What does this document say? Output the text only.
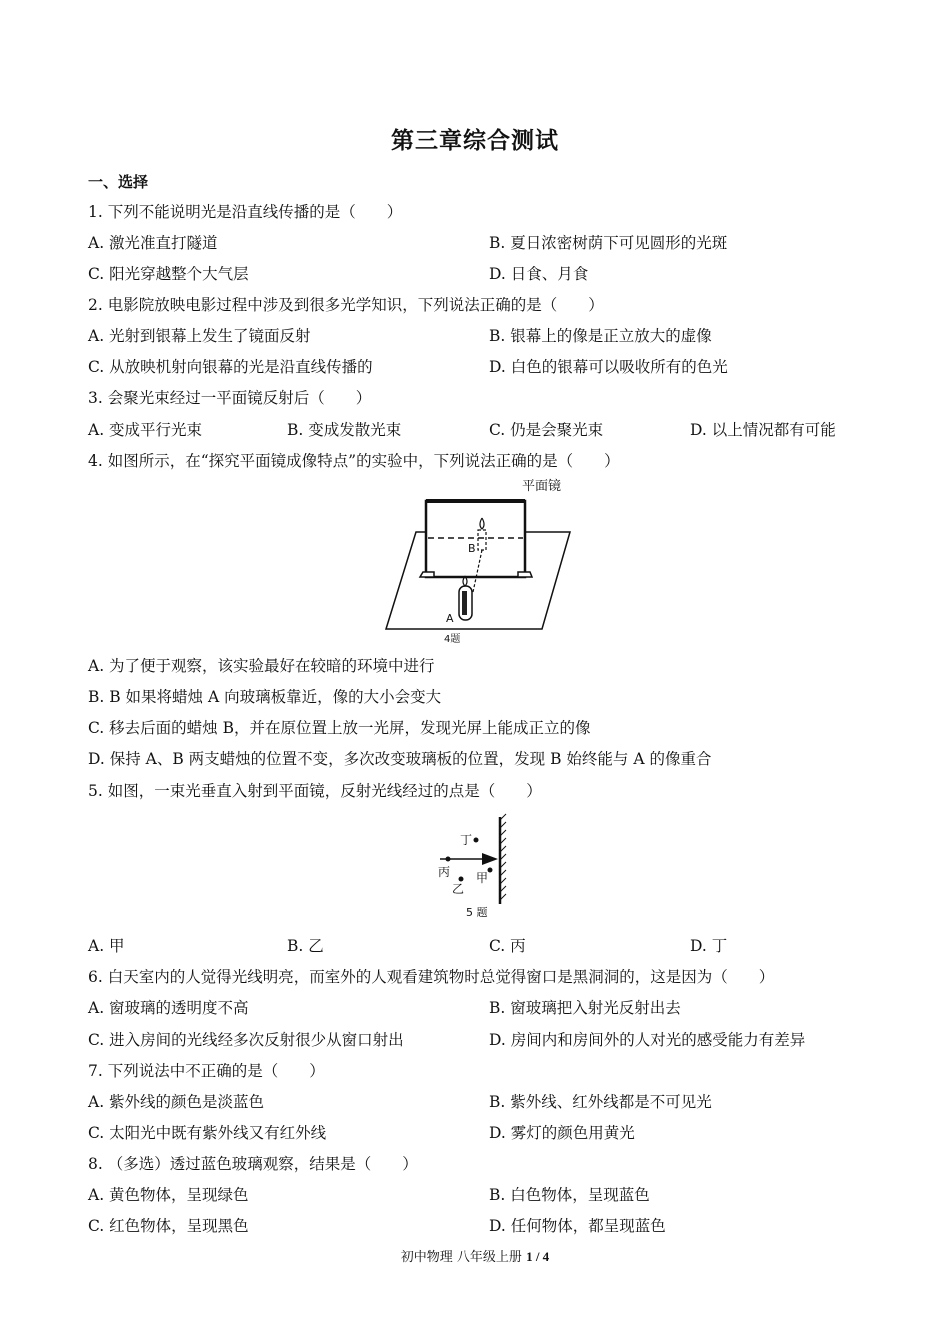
第三章综合测试
一、选择
1. 下列不能说明光是沿直线传播的是（　　）
A. 激光准直打隧道	B. 夏日浓密树荫下可见圆形的光斑
C. 阳光穿越整个大气层	D. 日食、月食
2. 电影院放映电影过程中涉及到很多光学知识，下列说法正确的是（　　）
A. 光射到银幕上发生了镜面反射	B. 银幕上的像是正立放大的虚像
C. 从放映机射向银幕的光是沿直线传播的	D. 白色的银幕可以吸收所有的色光
3. 会聚光束经过一平面镜反射后（　　）
A. 变成平行光束	B. 变成发散光束	C. 仍是会聚光束	D. 以上情况都有可能
4. 如图所示，在“探究平面镜成像特点”的实验中，下列说法正确的是（　　）
平面镜
B
A
4题
A. 为了便于观察，该实验最好在较暗的环境中进行
B. B 如果将蜡烛 A 向玻璃板靠近，像的大小会变大
C. 移去后面的蜡烛 B，并在原位置上放一光屏，发现光屏上能成正立的像
D. 保持 A、B 两支蜡烛的位置不变，多次改变玻璃板的位置，发现 B 始终能与 A 的像重合
5. 如图，一束光垂直入射到平面镜，反射光线经过的点是（　　）
丁
丙
乙
甲
5 题
A. 甲	B. 乙	C. 丙	D. 丁
6. 白天室内的人觉得光线明亮，而室外的人观看建筑物时总觉得窗口是黑洞洞的，这是因为（　　）
A. 窗玻璃的透明度不高	B. 窗玻璃把入射光反射出去
C. 进入房间的光线经多次反射很少从窗口射出	D. 房间内和房间外的人对光的感受能力有差异
7. 下列说法中不正确的是（　　）
A. 紫外线的颜色是淡蓝色	B. 紫外线、红外线都是不可见光
C. 太阳光中既有紫外线又有红外线	D. 雾灯的颜色用黄光
8. （多选）透过蓝色玻璃观察，结果是（　　）
A. 黄色物体，呈现绿色	B. 白色物体，呈现蓝色
C. 红色物体，呈现黑色	D. 任何物体，都呈现蓝色
初中物理 八年级上册 1 / 4
